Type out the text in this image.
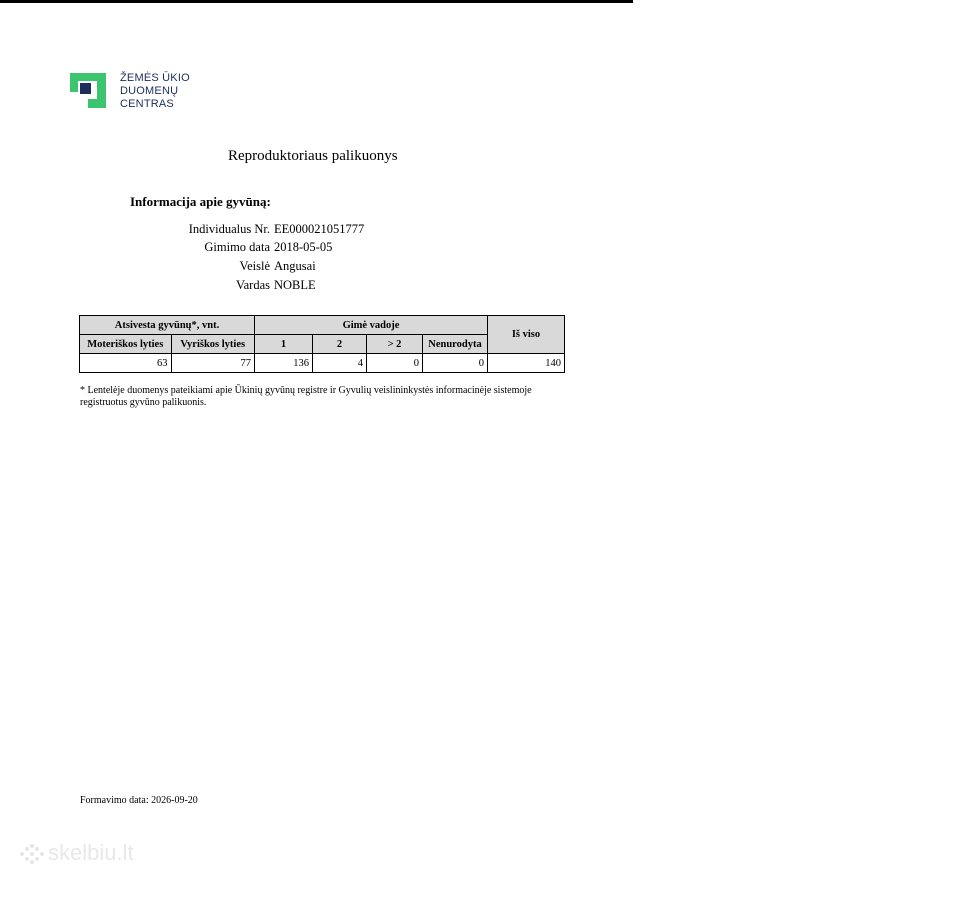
ŽEMĖS ŪKIO
DUOMENŲ
CENTRAS
Reproduktoriaus palikuonys
Informacija apie gyvūną:
Individualus Nr. EE000021051777
Gimimo data 2018-05-05
Veislė Angusai
Vardas NOBLE
Atsivesta gyvūnų*, vnt.		Gimė vadoje				Iš viso
Moteriškos lyties	Vyriškos lyties	1	2	> 2	Nenurodyta	
63	77	136	4	0	0	140
* Lentelėje duomenys pateikiami apie Ūkinių gyvūnų registre ir Gyvulių veislininkystės informacinėje sistemoje registruotus gyvūno palikuonis.
Formavimo data: 2026-09-20
skelbiu.lt
